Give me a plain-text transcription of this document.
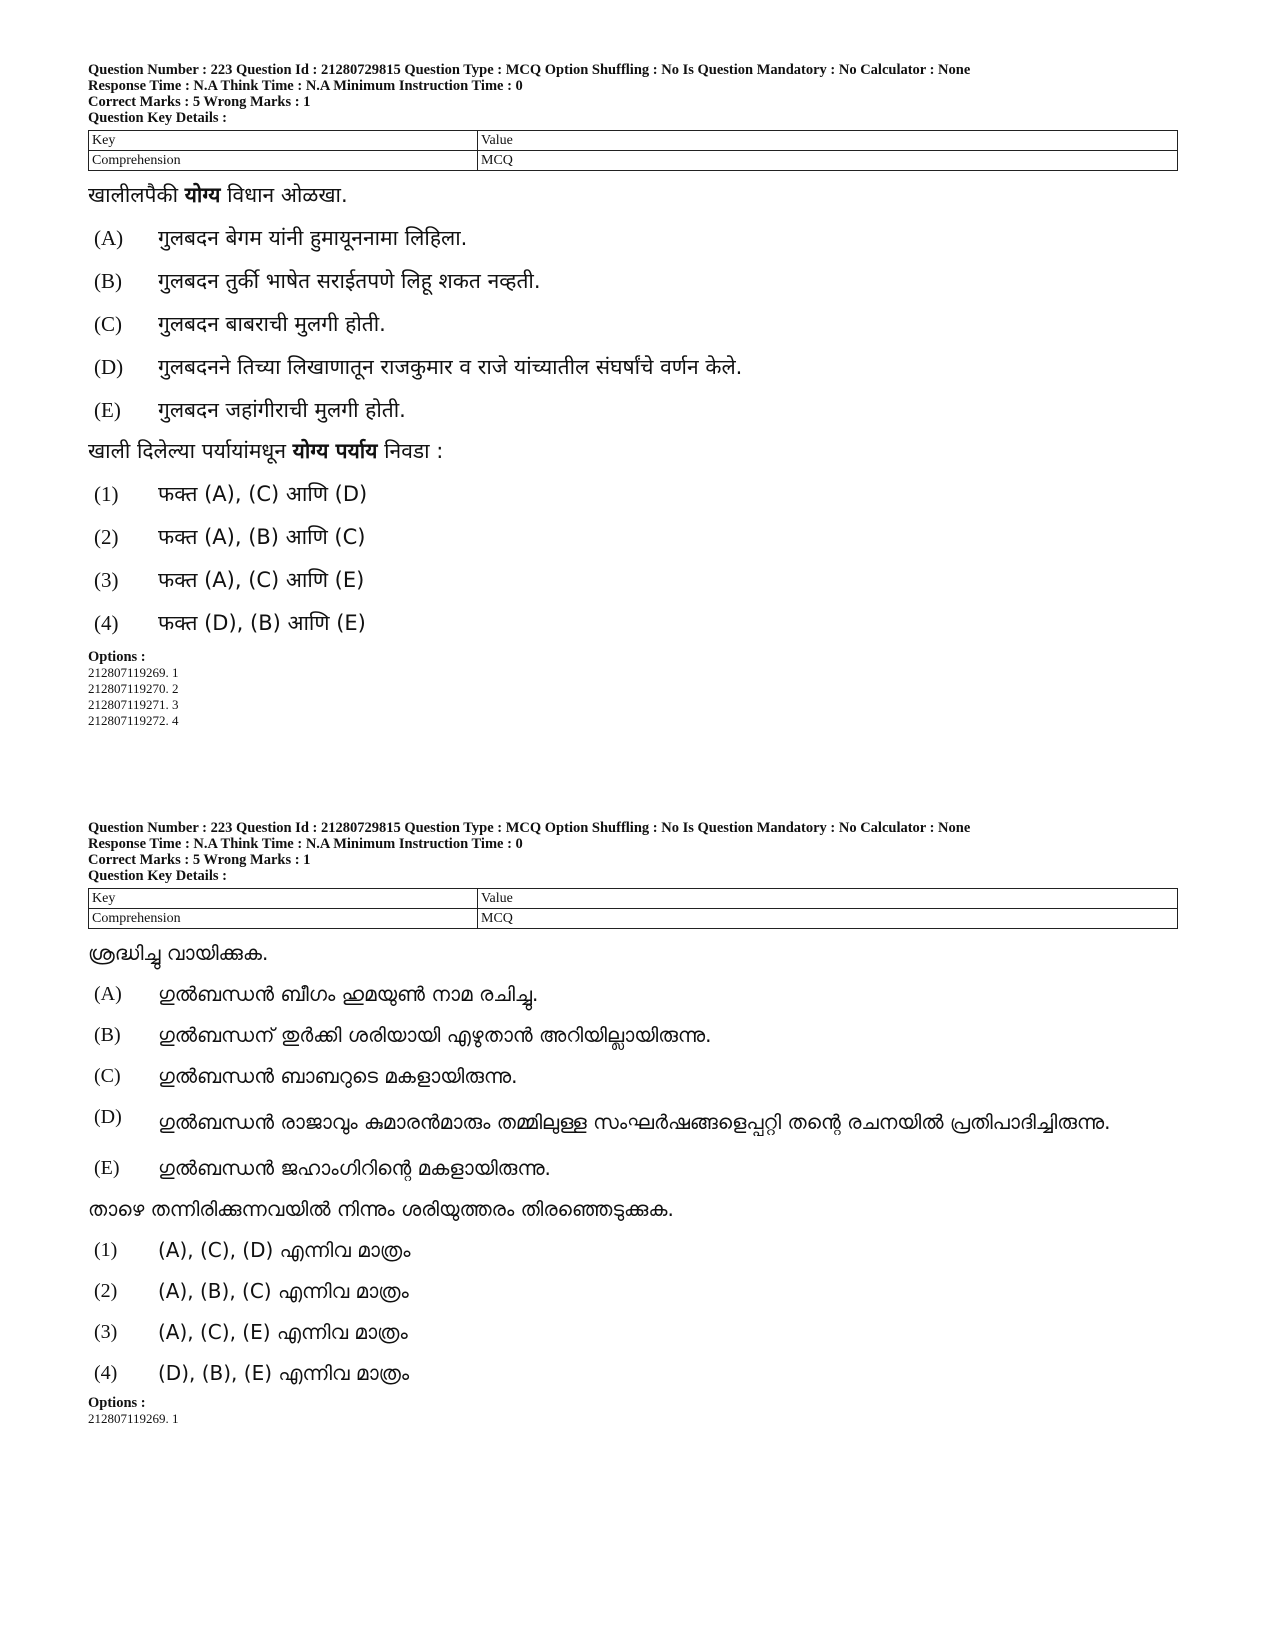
Question Number : 223 Question Id : 21280729815 Question Type : MCQ Option Shuffling : No Is Question Mandatory : No Calculator : None
Response Time : N.A Think Time : N.A Minimum Instruction Time : 0
Correct Marks : 5 Wrong Marks : 1
Question Key Details :
Key	Value
Comprehension	MCQ
खालीलपैकी योग्य विधान ओळखा.
(A)	गुलबदन बेगम यांनी हुमायूननामा लिहिला.
(B)	गुलबदन तुर्की भाषेत सराईतपणे लिहू शकत नव्हती.
(C)	गुलबदन बाबराची मुलगी होती.
(D)	गुलबदनने तिच्या लिखाणातून राजकुमार व राजे यांच्यातील संघर्षांचे वर्णन केले.
(E)	गुलबदन जहांगीराची मुलगी होती.
खाली दिलेल्या पर्यायांमधून योग्य पर्याय निवडा :
(1)	फक्त (A), (C) आणि (D)
(2)	फक्त (A), (B) आणि (C)
(3)	फक्त (A), (C) आणि (E)
(4)	फक्त (D), (B) आणि (E)
Options :
212807119269. 1
212807119270. 2
212807119271. 3
212807119272. 4
Question Number : 223 Question Id : 21280729815 Question Type : MCQ Option Shuffling : No Is Question Mandatory : No Calculator : None
Response Time : N.A Think Time : N.A Minimum Instruction Time : 0
Correct Marks : 5 Wrong Marks : 1
Question Key Details :
Key	Value
Comprehension	MCQ
ശ്രദ്ധിച്ചു വായിക്കുക.
(A)	ഗുൽബന്ധൻ ബീഗം ഹുമയുൺ നാമ രചിച്ചു.
(B)	ഗുൽബന്ധന് തുർക്കി ശരിയായി എഴുതാൻ അറിയില്ലായിരുന്നു.
(C)	ഗുൽബന്ധൻ ബാബറുടെ മകളായിരുന്നു.
(D)	ഗുൽബന്ധൻ രാജാവും കുമാരൻമാരും തമ്മിലുള്ള സംഘർഷങ്ങളെപ്പറ്റി തന്റെ രചനയിൽ പ്രതിപാദിച്ചിരുന്നു.
(E)	ഗുൽബന്ധൻ ജഹാംഗിറിന്റെ മകളായിരുന്നു.
താഴെ തന്നിരിക്കുന്നവയിൽ നിന്നും ശരിയുത്തരം തിരഞ്ഞെടുക്കുക.
(1)	(A), (C), (D) എന്നിവ മാത്രം
(2)	(A), (B), (C) എന്നിവ മാത്രം
(3)	(A), (C), (E) എന്നിവ മാത്രം
(4)	(D), (B), (E) എന്നിവ മാത്രം
Options :
212807119269. 1
